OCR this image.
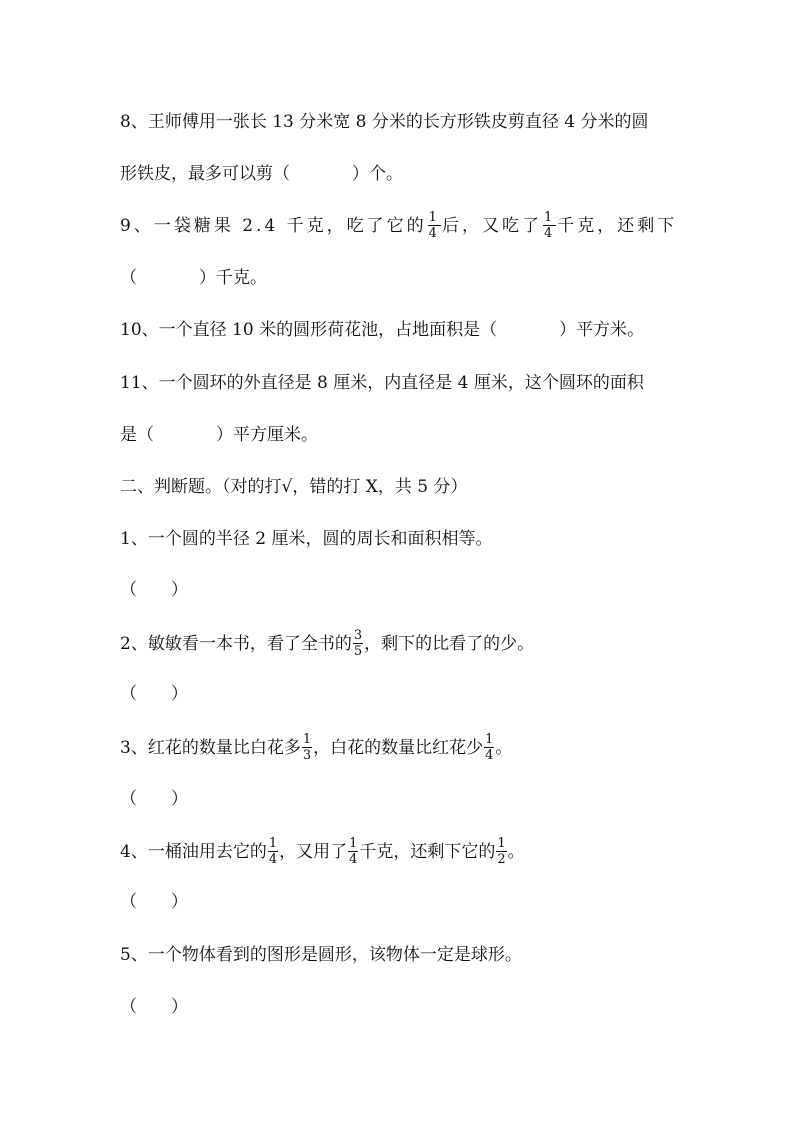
8、王师傅用一张长 13 分米宽 8 分米的长方形铁皮剪直径 4 分米的圆
形铁皮，最多可以剪（	）个。
9、一袋糖果 2.4 千克，吃了它的 $\frac{1}{4}$ 后，又吃了 $\frac{1}{4}$ 千克，还剩下
（	）千克。
10、一个直径 10 米的圆形荷花池，占地面积是（	）平方米。
11、一个圆环的外直径是 8 厘米，内直径是 4 厘米，这个圆环的面积
是（	）平方厘米。
二、判断题。（对的打√，错的打 X，共 5 分）
1、一个圆的半径 2 厘米，圆的周长和面积相等。
（　　）
2、敏敏看一本书，看了全书的 $\frac{3}{5}$ ，剩下的比看了的少。
（　　）
3、红花的数量比白花多 $\frac{1}{3}$ ，白花的数量比红花少 $\frac{1}{4}$ 。
（　　）
4、一桶油用去它的 $\frac{1}{4}$ ，又用了 $\frac{1}{4}$ 千克，还剩下它的 $\frac{1}{2}$ 。
（　　）
5、一个物体看到的图形是圆形，该物体一定是球形。
（　　）
